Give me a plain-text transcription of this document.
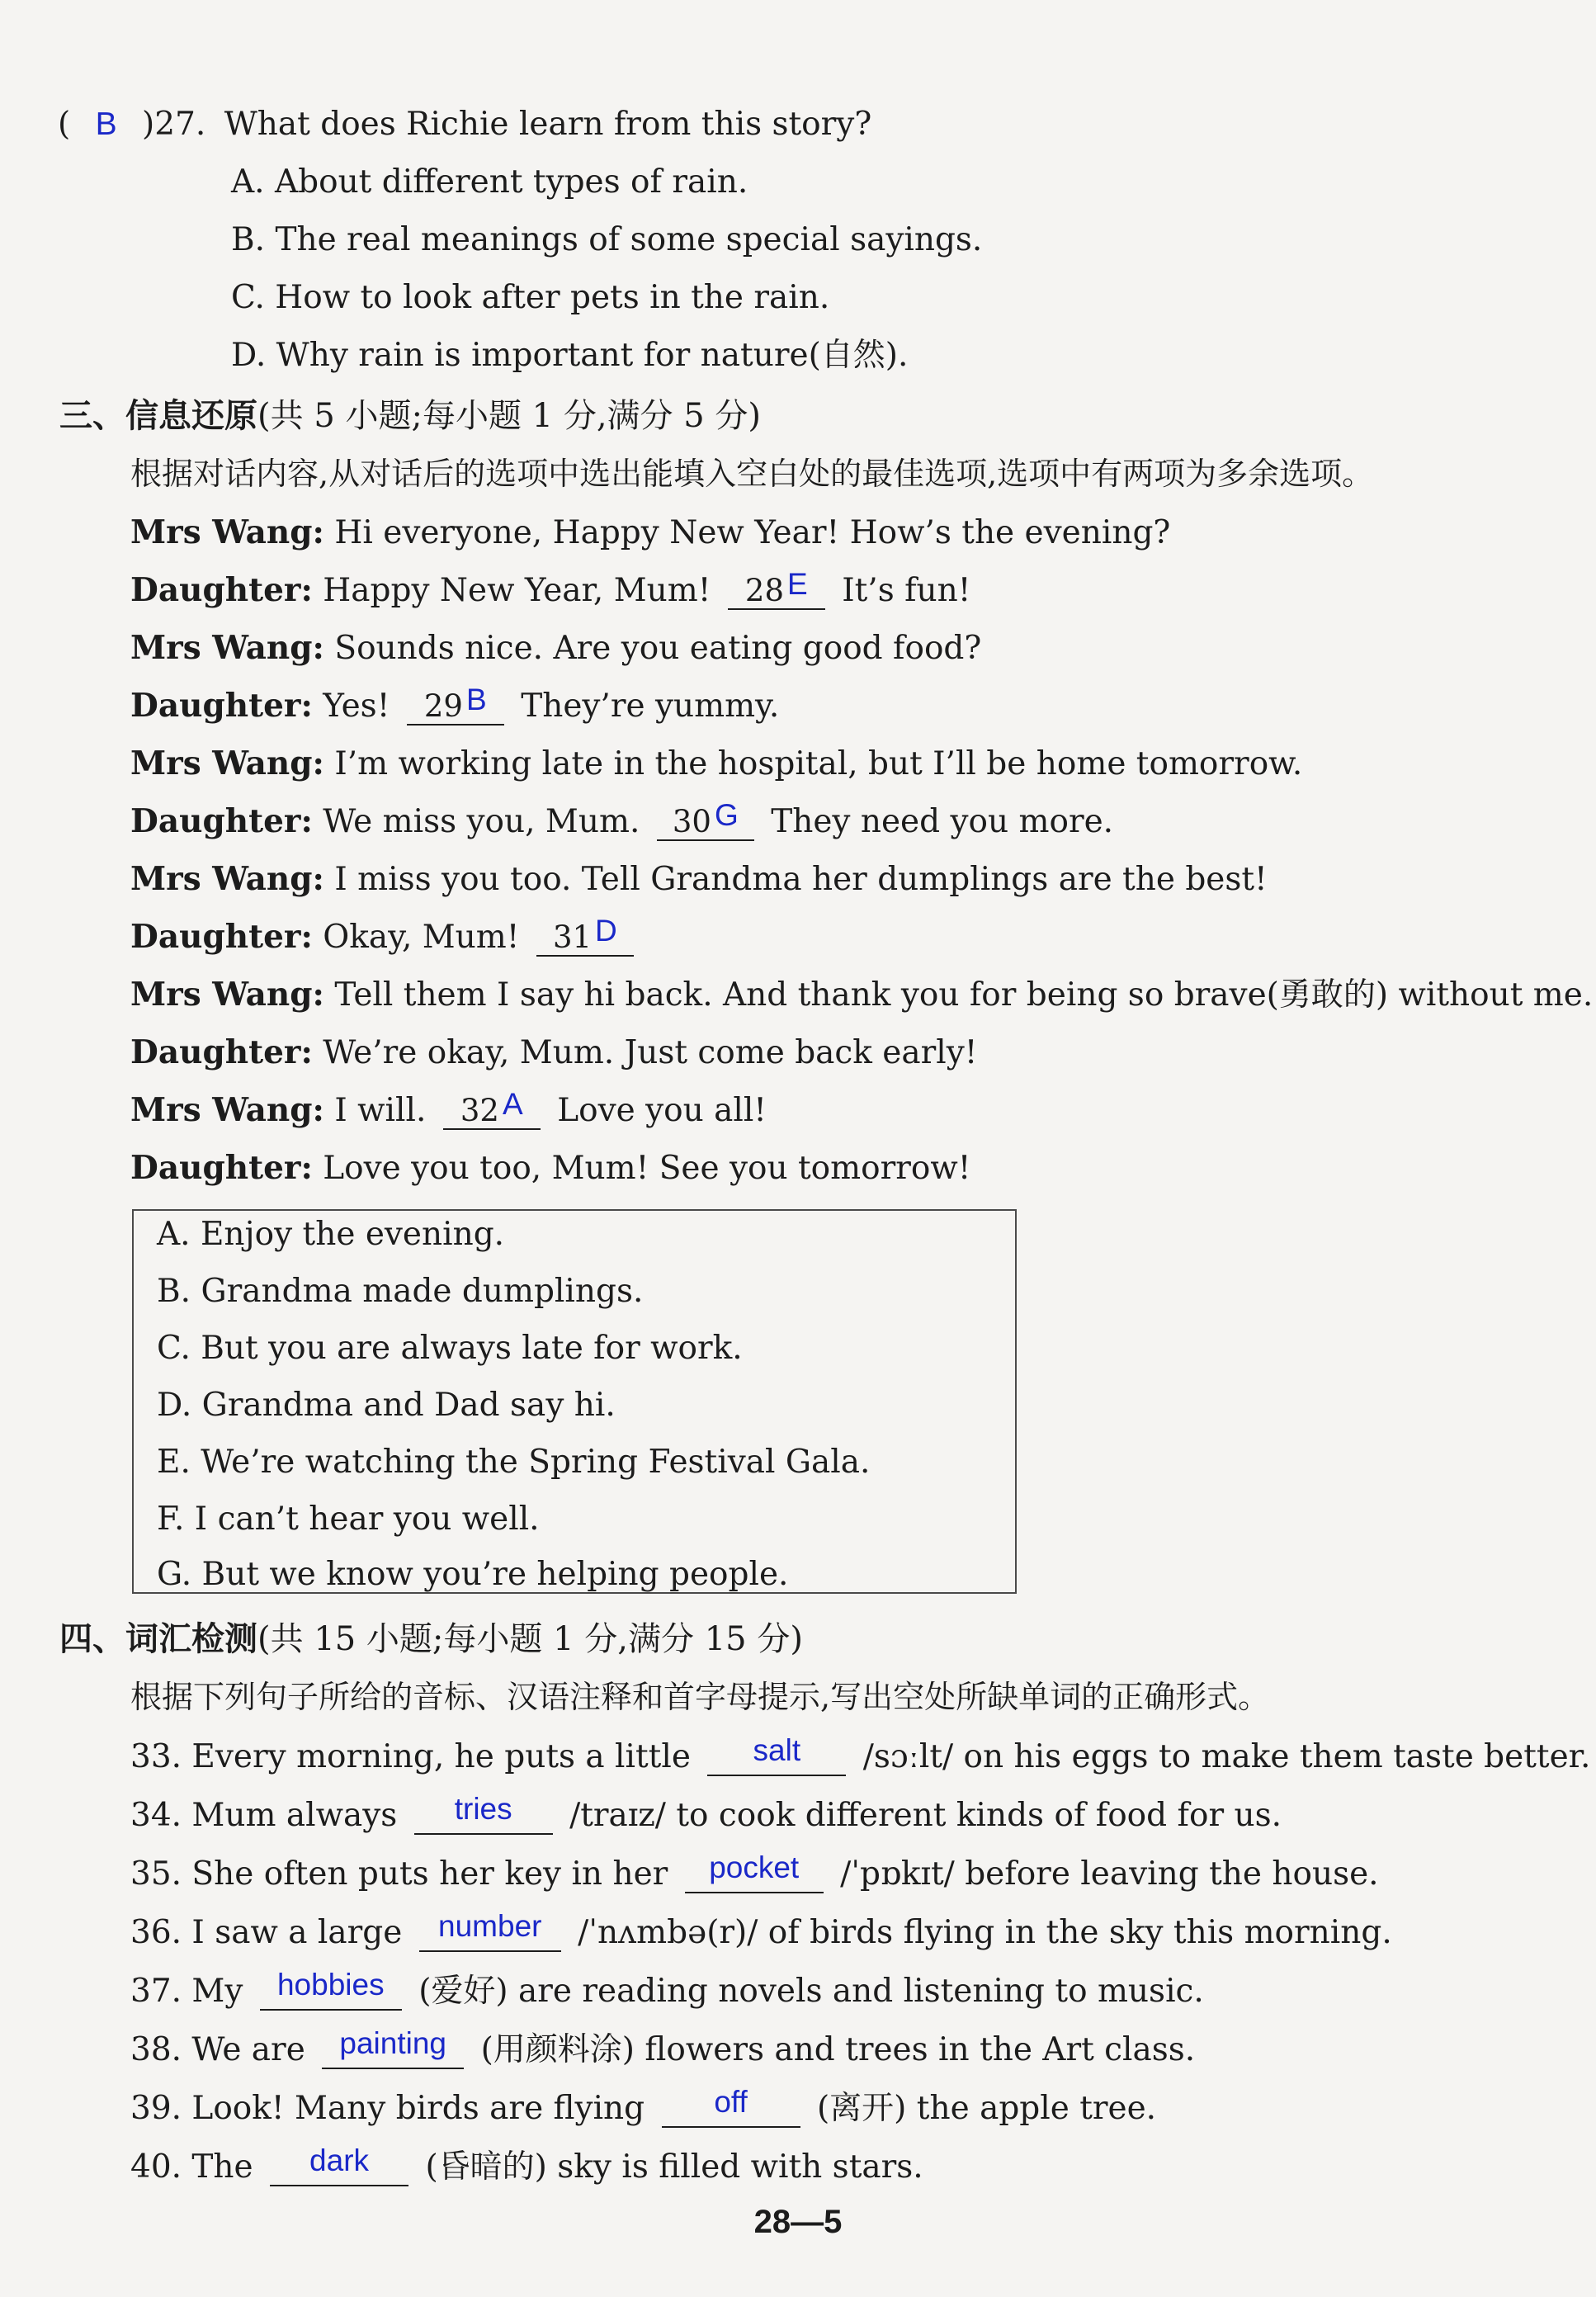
( B )27. What does Richie learn from this story?
A. About different types of rain.
B. The real meanings of some special sayings.
C. How to look after pets in the rain.
D. Why rain is important for nature(自然).
三、信息还原(共 5 小题;每小题 1 分,满分 5 分)
根据对话内容,从对话后的选项中选出能填入空白处的最佳选项,选项中有两项为多余选项。
Mrs Wang: Hi everyone, Happy New Year! How’s the evening?
Daughter: Happy New Year, Mum! 28 E It’s fun!
Mrs Wang: Sounds nice. Are you eating good food?
Daughter: Yes! 29 B They’re yummy.
Mrs Wang: I’m working late in the hospital, but I’ll be home tomorrow.
Daughter: We miss you, Mum. 30 G They need you more.
Mrs Wang: I miss you too. Tell Grandma her dumplings are the best!
Daughter: Okay, Mum! 31 D
Mrs Wang: Tell them I say hi back. And thank you for being so brave(勇敢的) without me.
Daughter: We’re okay, Mum. Just come back early!
Mrs Wang: I will. 32 A Love you all!
Daughter: Love you too, Mum! See you tomorrow!
A. Enjoy the evening.
B. Grandma made dumplings.
C. But you are always late for work.
D. Grandma and Dad say hi.
E. We’re watching the Spring Festival Gala.
F. I can’t hear you well.
G. But we know you’re helping people.
四、词汇检测(共 15 小题;每小题 1 分,满分 15 分)
根据下列句子所给的音标、汉语注释和首字母提示,写出空处所缺单词的正确形式。
33. Every morning, he puts a little salt /sɔːlt/ on his eggs to make them taste better.
34. Mum always tries /traɪz/ to cook different kinds of food for us.
35. She often puts her key in her pocket /ˈpɒkɪt/ before leaving the house.
36. I saw a large number /ˈnʌmbə(r)/ of birds flying in the sky this morning.
37. My hobbies (爱好) are reading novels and listening to music.
38. We are painting (用颜料涂) flowers and trees in the Art class.
39. Look! Many birds are flying off (离开) the apple tree.
40. The dark (昏暗的) sky is filled with stars.
28—5
